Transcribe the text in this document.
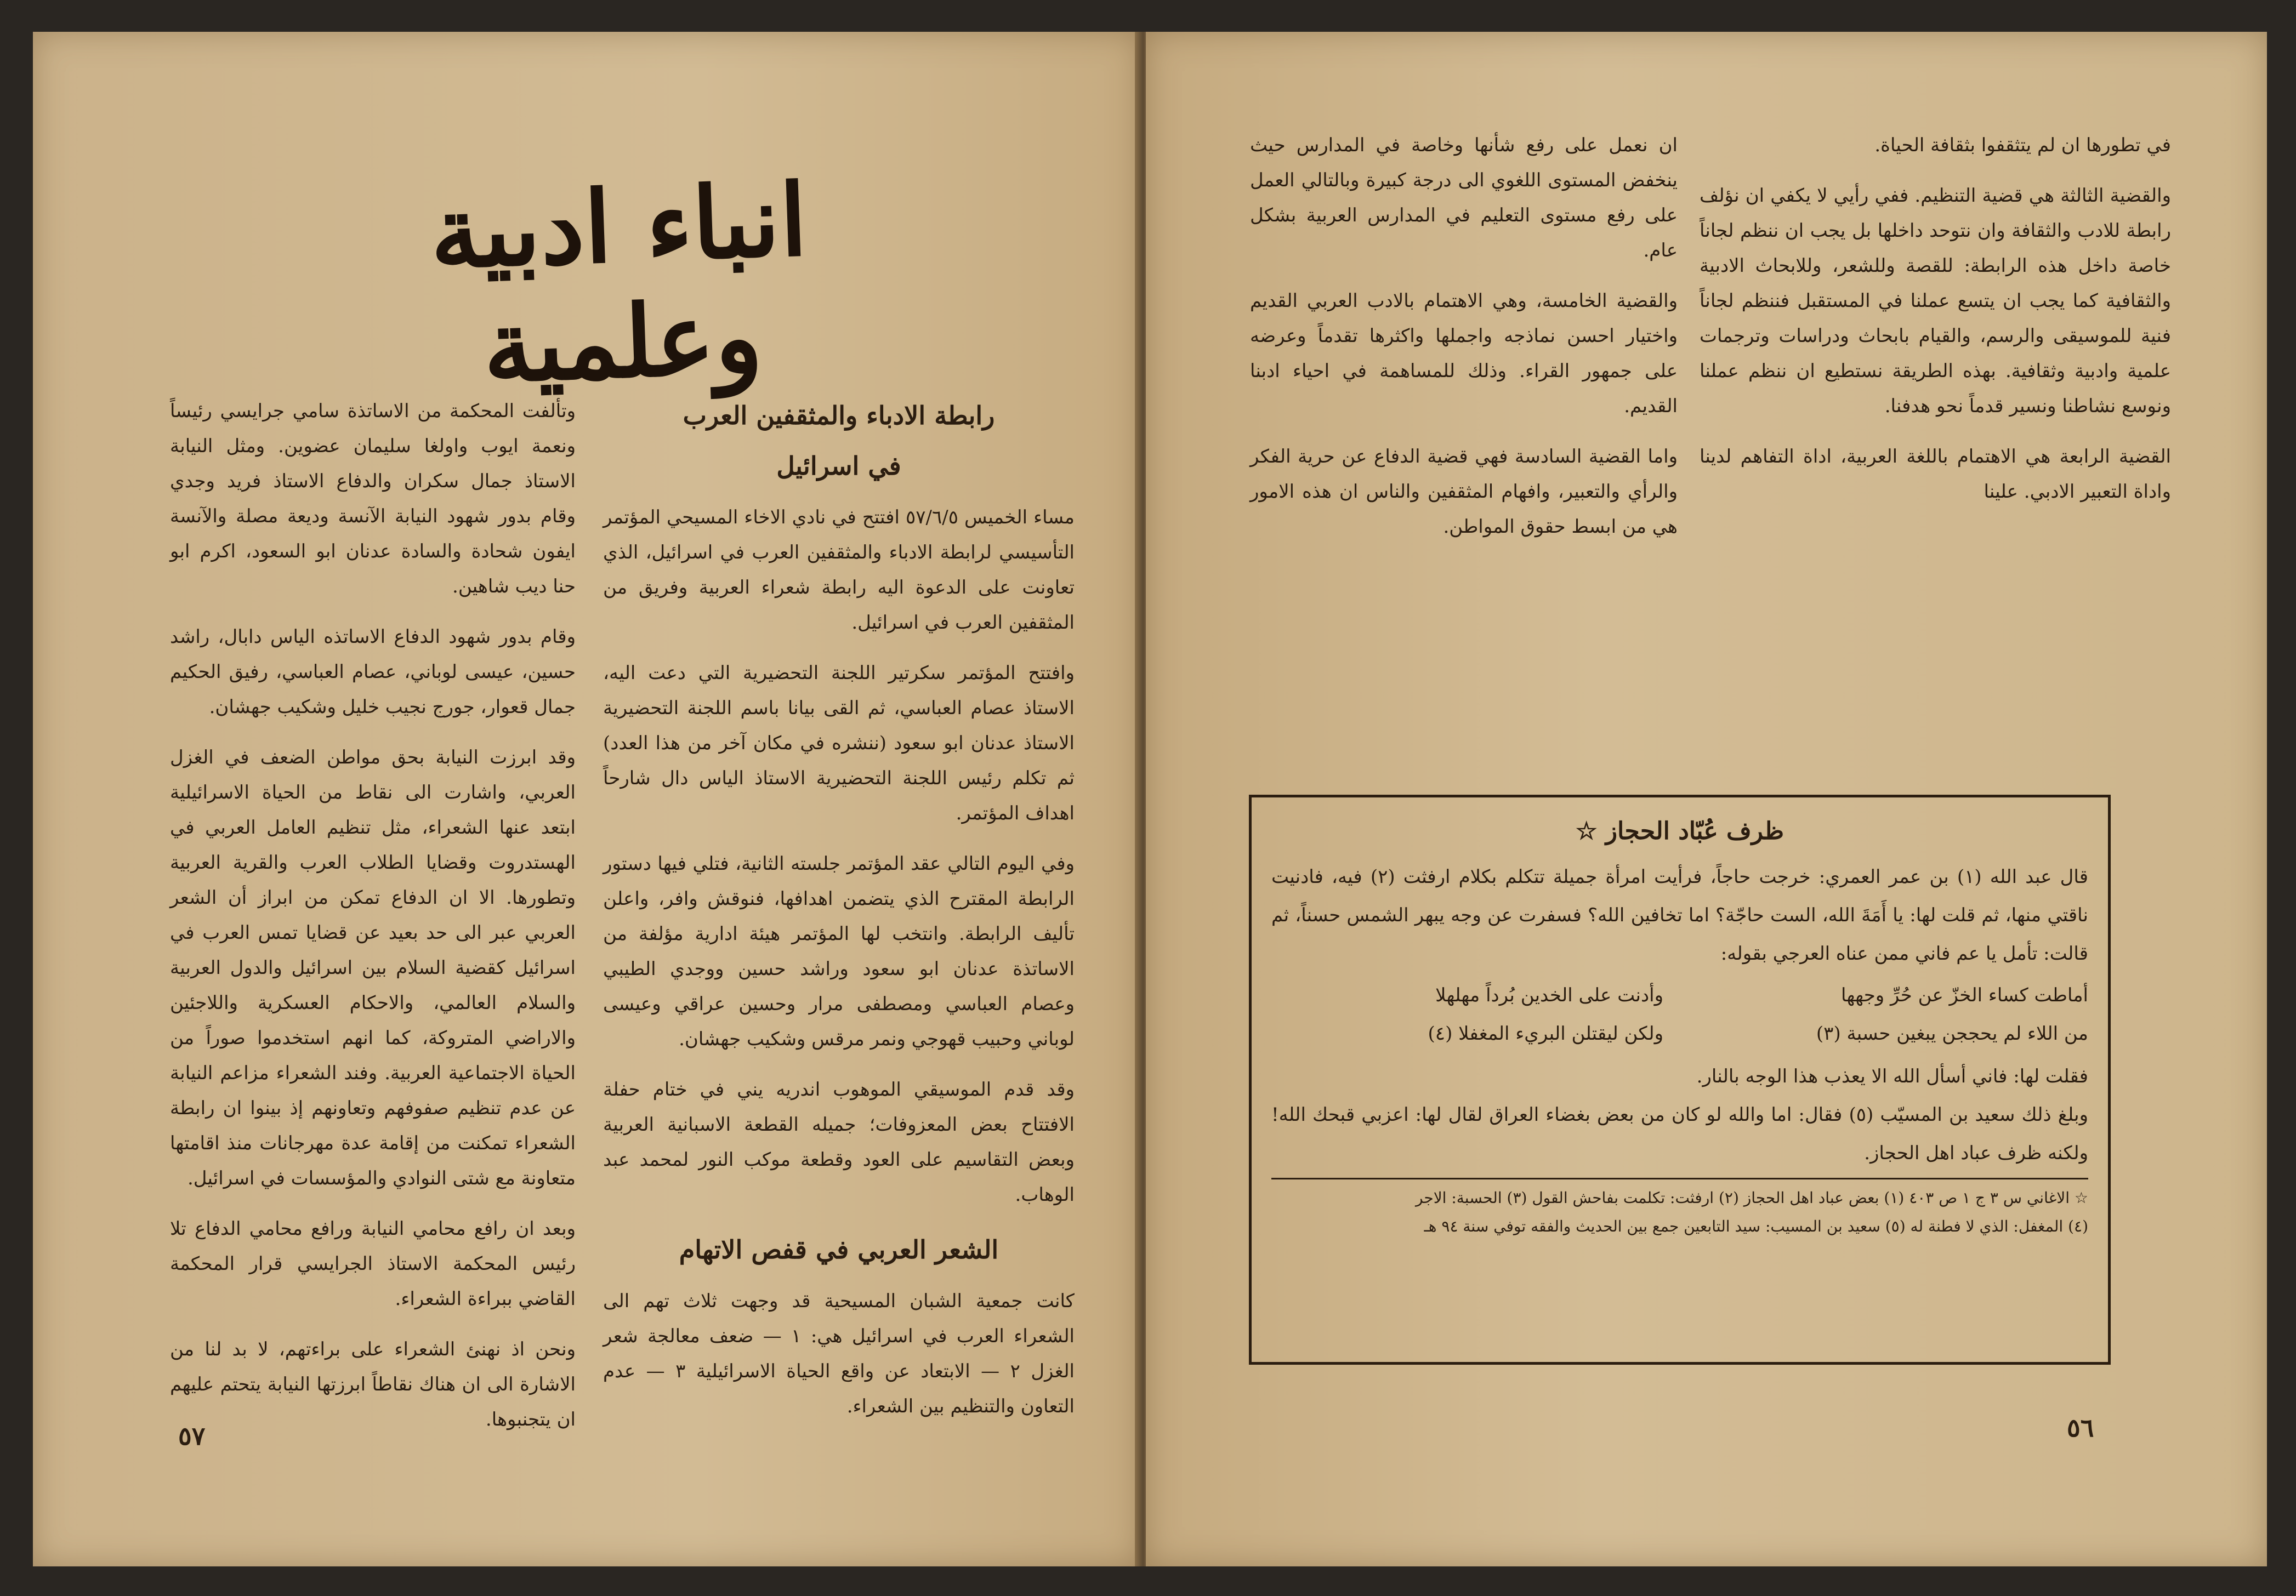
انباء ادبية وعلمية
رابطة الادباء والمثقفين العرب
في اسرائيل

مساء الخميس ٥٧/٦/٥ افتتح في نادي الاخاء المسيحي المؤتمر التأسيسي لرابطة الادباء والمثقفين العرب في اسرائيل، الذي تعاونت على الدعوة اليه رابطة شعراء العربية وفريق من المثقفين العرب في اسرائيل.

وافتتح المؤتمر سكرتير اللجنة التحضيرية التي دعت اليه، الاستاذ عصام العباسي، ثم القى بيانا باسم اللجنة التحضيرية الاستاذ عدنان ابو سعود (ننشره في مكان آخر من هذا العدد) ثم تكلم رئيس اللجنة التحضيرية الاستاذ الياس دال شارحاً اهداف المؤتمر.

وفي اليوم التالي عقد المؤتمر جلسته الثانية، فتلي فيها دستور الرابطة المقترح الذي يتضمن اهدافها، فنوقش وافر، واعلن تأليف الرابطة. وانتخب لها المؤتمر هيئة ادارية مؤلفة من الاساتذة عدنان ابو سعود وراشد حسين ووجدي الطيبي وعصام العباسي ومصطفى مرار وحسين عراقي وعيسى لوباني وحبيب قهوجي ونمر مرقس وشكيب جهشان.

وقد قدم الموسيقي الموهوب اندريه يني في ختام حفلة الافتتاح بعض المعزوفات؛ جميله القطعة الاسبانية العربية وبعض التقاسيم على العود وقطعة موكب النور لمحمد عبد الوهاب.

الشعر العربي في قفص الاتهام

كانت جمعية الشبان المسيحية قد وجهت ثلاث تهم الى الشعراء العرب في اسرائيل هي: ١ — ضعف معالجة شعر الغزل ٢ — الابتعاد عن واقع الحياة الاسرائيلية ٣ — عدم التعاون والتنظيم بين الشعراء.

وتألفت المحكمة من الاساتذة سامي جرايسي رئيساً ونعمة ايوب واولغا سليمان عضوين. ومثل النيابة الاستاذ جمال سكران والدفاع الاستاذ فريد وجدي وقام بدور شهود النيابة الآنسة وديعة مصلة والآنسة ايفون شحادة والسادة عدنان ابو السعود، اكرم ابو حنا ديب شاهين.

وقام بدور شهود الدفاع الاساتذه الياس دابال، راشد حسين، عيسى لوباني، عصام العباسي، رفيق الحكيم جمال قعوار، جورج نجيب خليل وشكيب جهشان.

وقد ابرزت النيابة بحق مواطن الضعف في الغزل العربي، واشارت الى نقاط من الحياة الاسرائيلية ابتعد عنها الشعراء، مثل تنظيم العامل العربي في الهستدروت وقضايا الطلاب العرب والقرية العربية وتطورها. الا ان الدفاع تمكن من ابراز أن الشعر العربي عبر الى حد بعيد عن قضايا تمس العرب في اسرائيل كقضية السلام بين اسرائيل والدول العربية والسلام العالمي، والاحكام العسكرية واللاجئين والاراضي المتروكة، كما انهم استخدموا صوراً من الحياة الاجتماعية العربية. وفند الشعراء مزاعم النيابة عن عدم تنظيم صفوفهم وتعاونهم إذ بينوا ان رابطة الشعراء تمكنت من إقامة عدة مهرجانات منذ اقامتها متعاونة مع شتى النوادي والمؤسسات في اسرائيل.

وبعد ان رافع محامي النيابة ورافع محامي الدفاع تلا رئيس المحكمة الاستاذ الجرايسي قرار المحكمة القاضي ببراءة الشعراء.

ونحن اذ نهنئ الشعراء على براءتهم، لا بد لنا من الاشارة الى ان هناك نقاطاً ابرزتها النيابة يتحتم عليهم ان يتجنبوها.

٥٧

في تطورها ان لم يتثقفوا بثقافة الحياة.

والقضية الثالثة هي قضية التنظيم. ففي رأيي لا يكفي ان نؤلف رابطة للادب والثقافة وان نتوحد داخلها بل يجب ان ننظم لجاناً خاصة داخل هذه الرابطة: للقصة وللشعر، وللابحاث الادبية والثقافية كما يجب ان يتسع عملنا في المستقبل فننظم لجاناً فنية للموسيقى والرسم، والقيام بابحاث ودراسات وترجمات علمية وادبية وثقافية. بهذه الطريقة نستطيع ان ننظم عملنا ونوسع نشاطنا ونسير قدماً نحو هدفنا.

القضية الرابعة هي الاهتمام باللغة العربية، اداة التفاهم لدينا واداة التعبير الادبي. علينا

ان نعمل على رفع شأنها وخاصة في المدارس حيث ينخفض المستوى اللغوي الى درجة كبيرة وبالتالي العمل على رفع مستوى التعليم في المدارس العربية بشكل عام.

والقضية الخامسة، وهي الاهتمام بالادب العربي القديم واختيار احسن نماذجه واجملها واكثرها تقدماً وعرضه على جمهور القراء. وذلك للمساهمة في احياء ادبنا القديم.

واما القضية السادسة فهي قضية الدفاع عن حرية الفكر والرأي والتعبير، وافهام المثقفين والناس ان هذه الامور هي من ابسط حقوق المواطن.

٥٦
ظرف عُبّاد الحجاز ☆

قال عبد الله (١) بن عمر العمري: خرجت حاجاً، فرأيت امرأة جميلة تتكلم بكلام ارفثت (٢) فيه، فادنيت ناقتي منها، ثم قلت لها: يا أَمَةَ الله، الست حاجّة؟ اما تخافين الله؟ فسفرت عن وجه يبهر الشمس حسناً، ثم قالت: تأمل يا عم فاني ممن عناه العرجي بقوله:

أماطت كساء الخزّ عن حُرِّ وجهها
وأدنت على الخدين بُرداً مهلهلا
من اللاء لم يحججن يبغين حسبة (٣)
ولكن ليقتلن البريء المغفلا (٤)

فقلت لها: فاني أسأل الله الا يعذب هذا الوجه بالنار.

وبلغ ذلك سعيد بن المسيّب (٥) فقال: اما والله لو كان من بعض بغضاء العراق لقال لها: اعزبي قبحك الله! ولكنه ظرف عباد اهل الحجاز.

☆ الاغاني س ٣ ج ١ ص ٤٠٣ (١) بعض عباد اهل الحجاز (٢) ارفثت: تكلمت بفاحش القول (٣) الحسبة: الاجر

(٤) المغفل: الذي لا فطنة له (٥) سعيد بن المسيب: سيد التابعين جمع بين الحديث والفقه توفي سنة ٩٤ هـ
